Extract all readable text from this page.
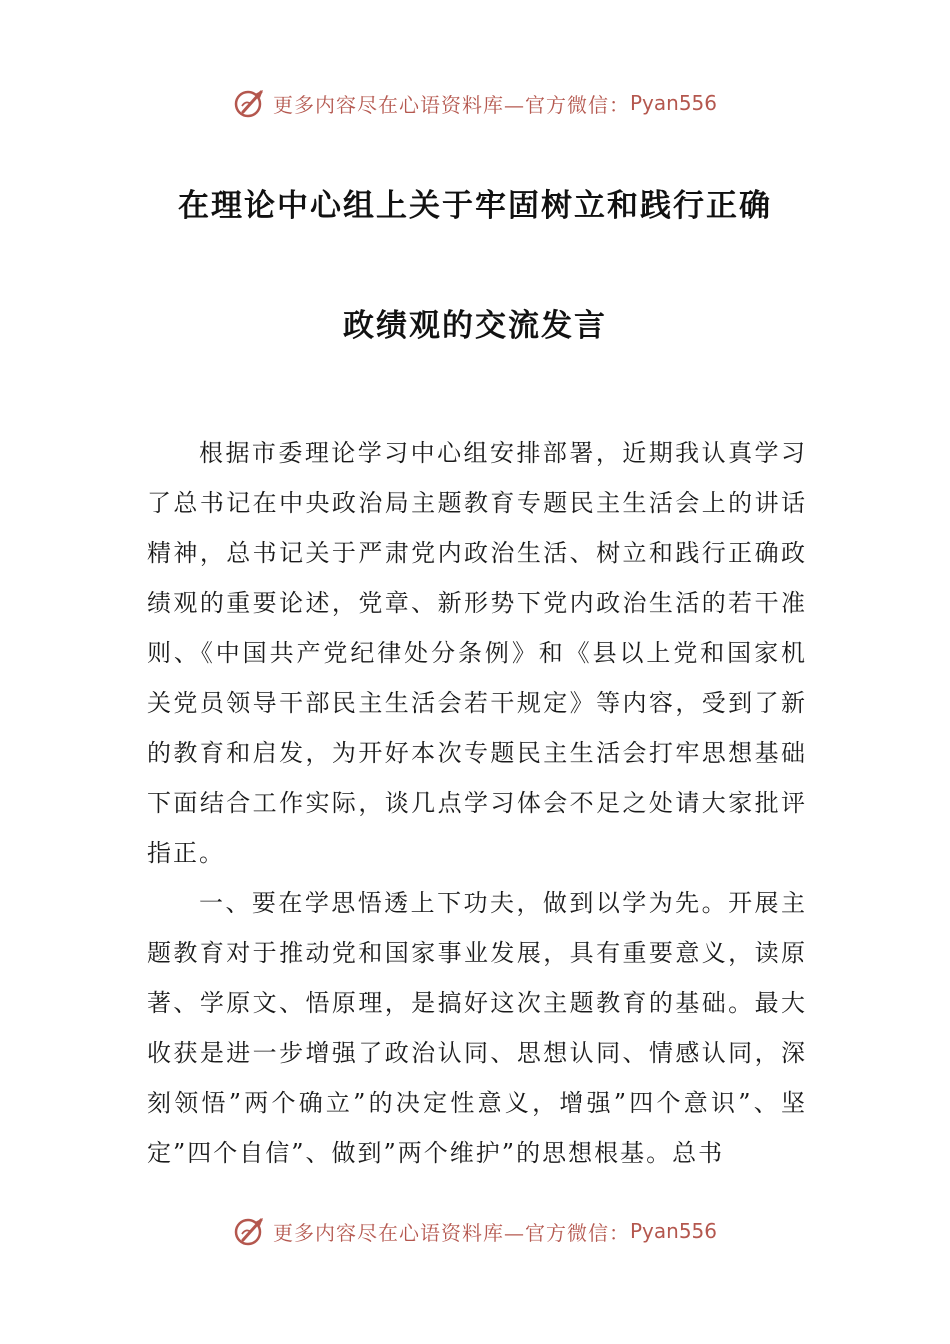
更多内容尽在心语资料库—官方微信： Pyan556
在理论中心组上关于牢固树立和践行正确
政绩观的交流发言

根据市委理论学习中心组安排部署，近期我认真学习了总书记在中央政治局主题教育专题民主生活会上的讲话精神，总书记关于严肃党内政治生活、树立和践行正确政绩观的重要论述，党章、新形势下党内政治生活的若干准则、《中国共产党纪律处分条例》和《县以上党和国家机关党员领导干部民主生活会若干规定》等内容，受到了新的教育和启发，为开好本次专题民主生活会打牢思想基础下面结合工作实际，谈几点学习体会不足之处请大家批评指正。

一、要在学思悟透上下功夫，做到以学为先。开展主题教育对于推动党和国家事业发展，具有重要意义，读原著、学原文、悟原理，是搞好这次主题教育的基础。最大收获是进一步增强了政治认同、思想认同、情感认同，深刻领悟”两个确立”的决定性意义，增强”四个意识”、坚定”四个自信”、做到”两个维护”的思想根基。总书

更多内容尽在心语资料库—官方微信： Pyan556
